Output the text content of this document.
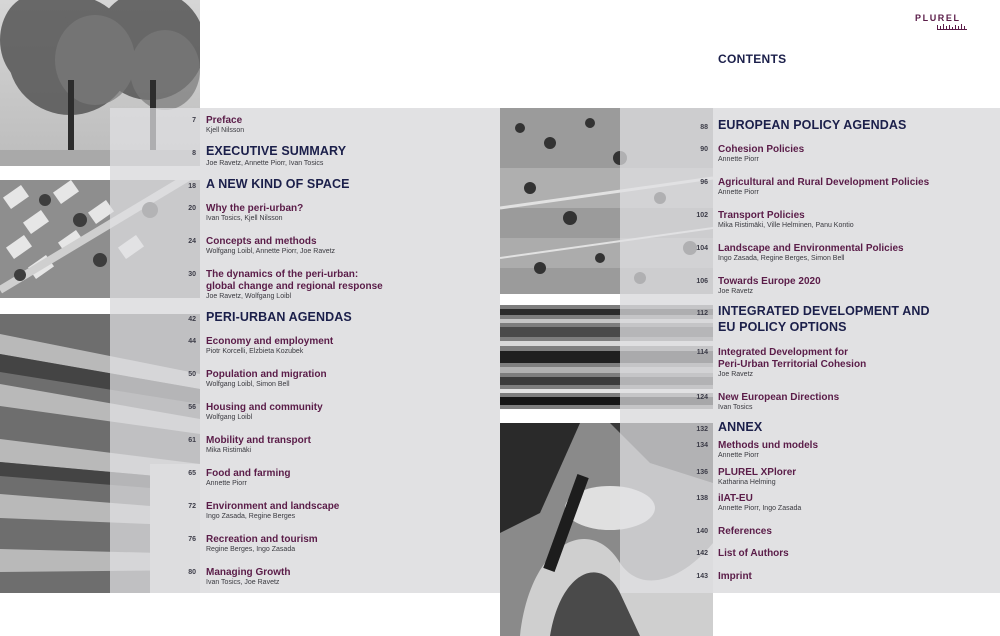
PLUREL
CONTENTS
7 Preface
Kjell Nilsson
8 EXECUTIVE SUMMARY
Joe Ravetz, Annette Piorr, Ivan Tosics
18 A NEW KIND OF SPACE
20 Why the peri-urban?
Ivan Tosics, Kjell Nilsson
24 Concepts and methods
Wolfgang Loibl, Annette Piorr, Joe Ravetz
30 The dynamics of the peri-urban:
global change and regional response
Joe Ravetz, Wolfgang Loibl
42 PERI-URBAN AGENDAS
44 Economy and employment
Piotr Korcelli, Elzbieta Kozubek
50 Population and migration
Wolfgang Loibl, Simon Bell
56 Housing and community
Wolfgang Loibl
61 Mobility and transport
Mika Ristimäki
65 Food and farming
Annette Piorr
72 Environment and landscape
Ingo Zasada, Regine Berges
76 Recreation and tourism
Regine Berges, Ingo Zasada
80 Managing Growth
Ivan Tosics, Joe Ravetz
88 EUROPEAN POLICY AGENDAS
90 Cohesion Policies
Annette Piorr
96 Agricultural and Rural Development Policies
Annette Piorr
102 Transport Policies
Mika Ristimäki, Ville Helminen, Panu Kontio
104 Landscape and Environmental Policies
Ingo Zasada, Regine Berges, Simon Bell
106 Towards Europe 2020
Joe Ravetz
112 INTEGRATED DEVELOPMENT AND
EU POLICY OPTIONS
114 Integrated Development for
Peri-Urban Territorial Cohesion
Joe Ravetz
124 New European Directions
Ivan Tosics
132 ANNEX
134 Methods und models
Annette Piorr
136 PLUREL XPlorer
Katharina Helming
138 iIAT-EU
Annette Piorr, Ingo Zasada
140 References
142 List of Authors
143 Imprint
